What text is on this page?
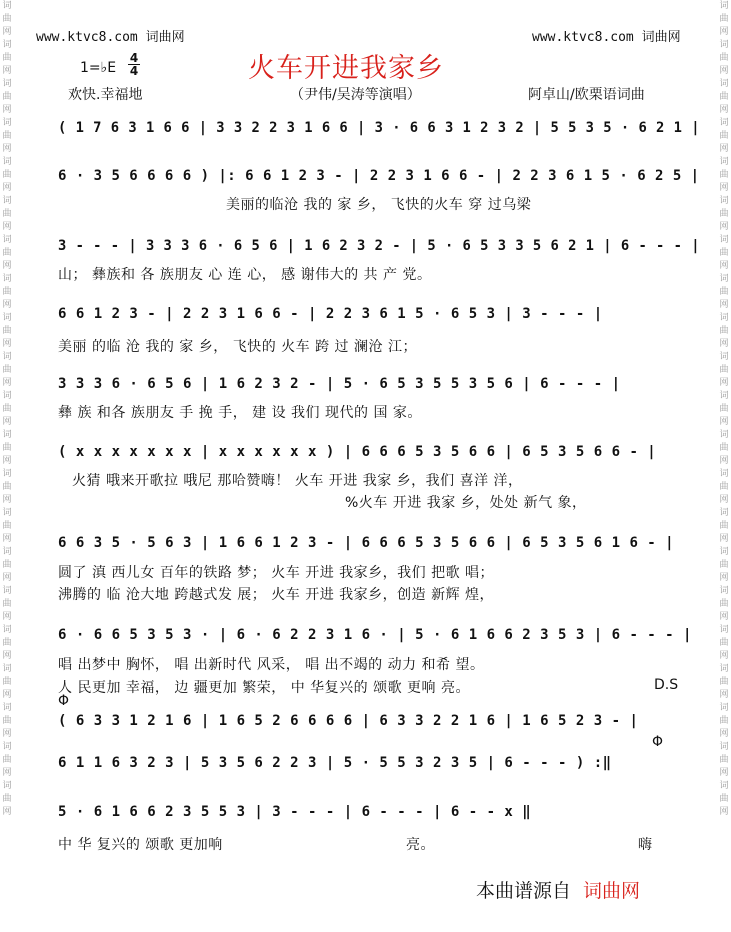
词曲网词曲网词曲网词曲网词曲网词曲网词曲网词曲网词曲网词曲网词曲网词曲网词曲网词曲网词曲网词曲网词曲网词曲网词曲网词曲网词曲网
词曲网词曲网词曲网词曲网词曲网词曲网词曲网词曲网词曲网词曲网词曲网词曲网词曲网词曲网词曲网词曲网词曲网词曲网词曲网词曲网词曲网
www.ktvc8.com 词曲网	www.ktvc8.com 词曲网
火车开进我家乡
1=♭E
4
4
欢快.幸福地	（尹伟/吴涛等演唱）	阿卓山/欧栗语词曲
( 1 7 6 3 1 6 6 | 3 3 2 2 3 1 6 6 | 3 · 6 6 3 1 2 3 2 | 5 5 3 5 · 6 2 1 |
6 · 3 5 6 6 6 6 ) |: 6 6 1 2 3 - | 2 2 3 1 6 6 - | 2 2 3 6 1 5 · 6 2 5 |
美丽的临沧 我的 家 乡， 飞快的火车 穿 过乌梁
3 - - - | 3 3 3 6 · 6 5 6 | 1 6 2 3 2 - | 5 · 6 5 3 3 5 6 2 1 | 6 - - - |
山； 彝族和 各 族朋友 心 连 心， 感 谢伟大的 共 产 党。
6 6 1 2 3 - | 2 2 3 1 6 6 - | 2 2 3 6 1 5 · 6 5 3 | 3 - - - |
美丽 的临 沧 我的 家 乡， 飞快的 火车 跨 过 澜沧 江；
3 3 3 6 · 6 5 6 | 1 6 2 3 2 - | 5 · 6 5 3 5 5 3 5 6 | 6 - - - |
彝 族 和各 族朋友 手 挽 手， 建 设 我们 现代的 国 家。
( x x x x x x x | x x x x x x ) | 6 6 6 5 3 5 6 6 | 6 5 3 5 6 6 - |
火猜 哦来开歌拉 哦尼 那哈赞嗨！ 火车 开进 我家 乡，我们 喜洋 洋，
%火车 开进 我家 乡，处处 新气 象，
6 6 3 5 · 5 6 3 | 1 6 6 1 2 3 - | 6 6 6 5 3 5 6 6 | 6 5 3 5 6 1 6 - |
圆了 滇 西儿女 百年的铁路 梦； 火车 开进 我家乡，我们 把歌 唱；
沸腾的 临 沧大地 跨越式发 展； 火车 开进 我家乡，创造 新辉 煌，
6 · 6 6 5 3 5 3 · | 6 · 6 2 2 3 1 6 · | 5 · 6 1 6 6 2 3 5 3 | 6 - - - |
唱 出梦中 胸怀， 唱 出新时代 风采， 唱 出不竭的 动力 和希 望。
人 民更加 幸福， 边 疆更加 繁荣， 中 华复兴的 颂歌 更响 亮。	D.S
Φ
( 6 3 3 1 2 1 6 | 1 6 5 2 6 6 6 6 | 6 3 3 2 2 1 6 | 1 6 5 2 3 - |
Φ
6 1 1 6 3 2 3 | 5 3 5 6 2 2 3 | 5 · 5 5 3 2 3 5 | 6 - - - ) :‖
5 · 6 1 6 6 2 3 5 5 3 | 3 - - - | 6 - - - | 6 - - x ‖
中 华 复兴的 颂歌 更加响	亮。	嗨
本曲谱源自 词曲网
